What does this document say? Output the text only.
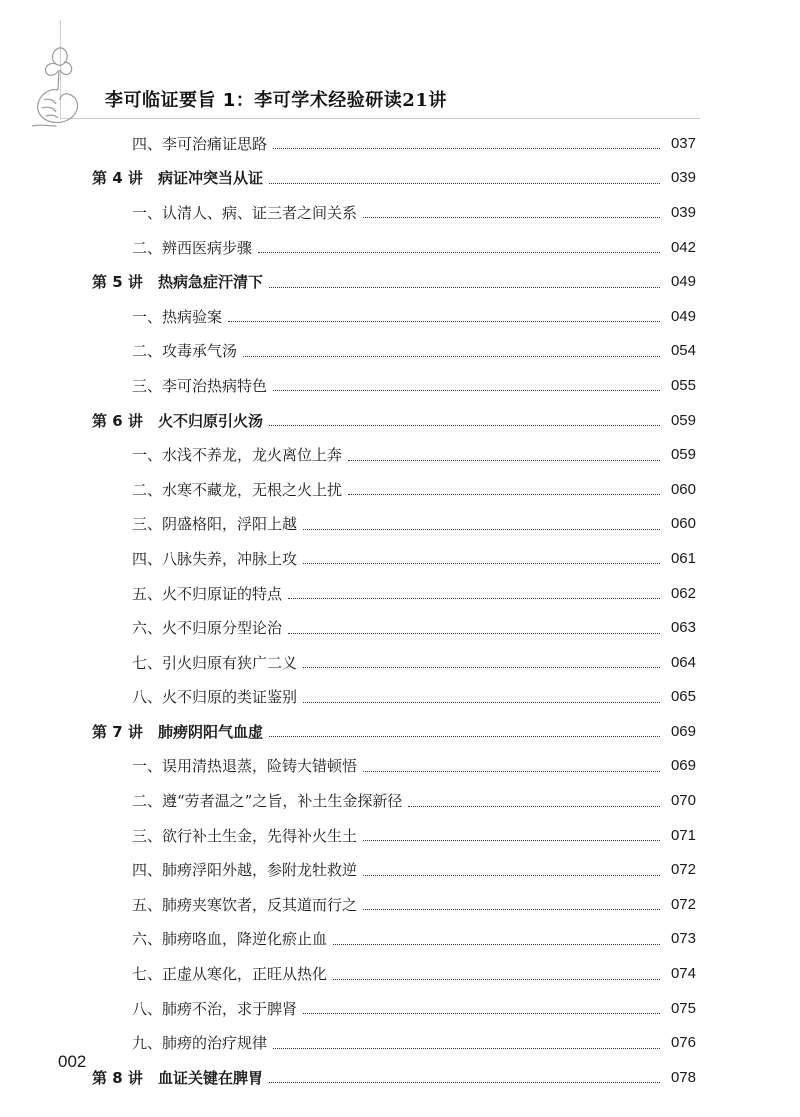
李可临证要旨 1：李可学术经验研读21讲
四、李可治痛证思路	037
第 4 讲 病证冲突当从证	039
一、认清人、病、证三者之间关系	039
二、辨西医病步骤	042
第 5 讲 热病急症汗清下	049
一、热病验案	049
二、攻毒承气汤	054
三、李可治热病特色	055
第 6 讲 火不归原引火汤	059
一、水浅不养龙，龙火离位上奔	059
二、水寒不藏龙，无根之火上扰	060
三、阴盛格阳，浮阳上越	060
四、八脉失养，冲脉上攻	061
五、火不归原证的特点	062
六、火不归原分型论治	063
七、引火归原有狭广二义	064
八、火不归原的类证鉴别	065
第 7 讲 肺痨阴阳气血虚	069
一、误用清热退蒸，险铸大错顿悟	069
二、遵“劳者温之”之旨，补土生金探新径	070
三、欲行补土生金，先得补火生土	071
四、肺痨浮阳外越，参附龙牡救逆	072
五、肺痨夹寒饮者，反其道而行之	072
六、肺痨咯血，降逆化瘀止血	073
七、正虚从寒化，正旺从热化	074
八、肺痨不治，求于脾肾	075
九、肺痨的治疗规律	076
第 8 讲 血证关键在脾胃	078
002
